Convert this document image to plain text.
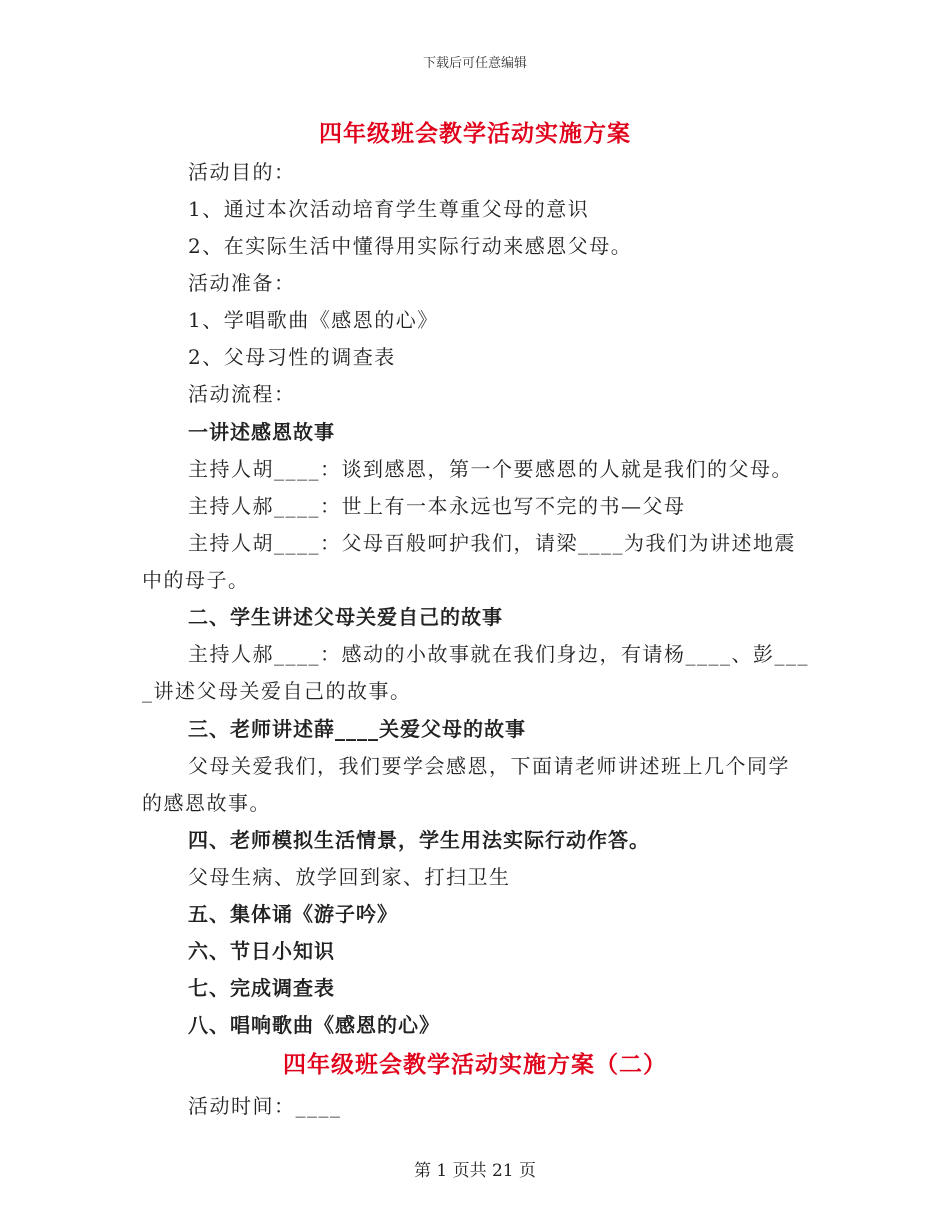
下载后可任意编辑
四年级班会教学活动实施方案
活动目的：
1、通过本次活动培育学生尊重父母的意识
2、在实际生活中懂得用实际行动来感恩父母。
活动准备：
1、学唱歌曲《感恩的心》
2、父母习性的调查表
活动流程：
一讲述感恩故事
主持人胡____：谈到感恩，第一个要感恩的人就是我们的父母。
主持人郝____：世上有一本永远也写不完的书—父母
主持人胡____：父母百般呵护我们，请梁____为我们为讲述地震
中的母子。
二、学生讲述父母关爱自己的故事
主持人郝____：感动的小故事就在我们身边，有请杨____、彭___
_讲述父母关爱自己的故事。
三、老师讲述薛____关爱父母的故事
父母关爱我们，我们要学会感恩，下面请老师讲述班上几个同学
的感恩故事。
四、老师模拟生活情景，学生用法实际行动作答。
父母生病、放学回到家、打扫卫生
五、集体诵《游子吟》
六、节日小知识
七、完成调查表
八、唱响歌曲《感恩的心》
四年级班会教学活动实施方案（二）
活动时间：____
第 1 页共 21 页
